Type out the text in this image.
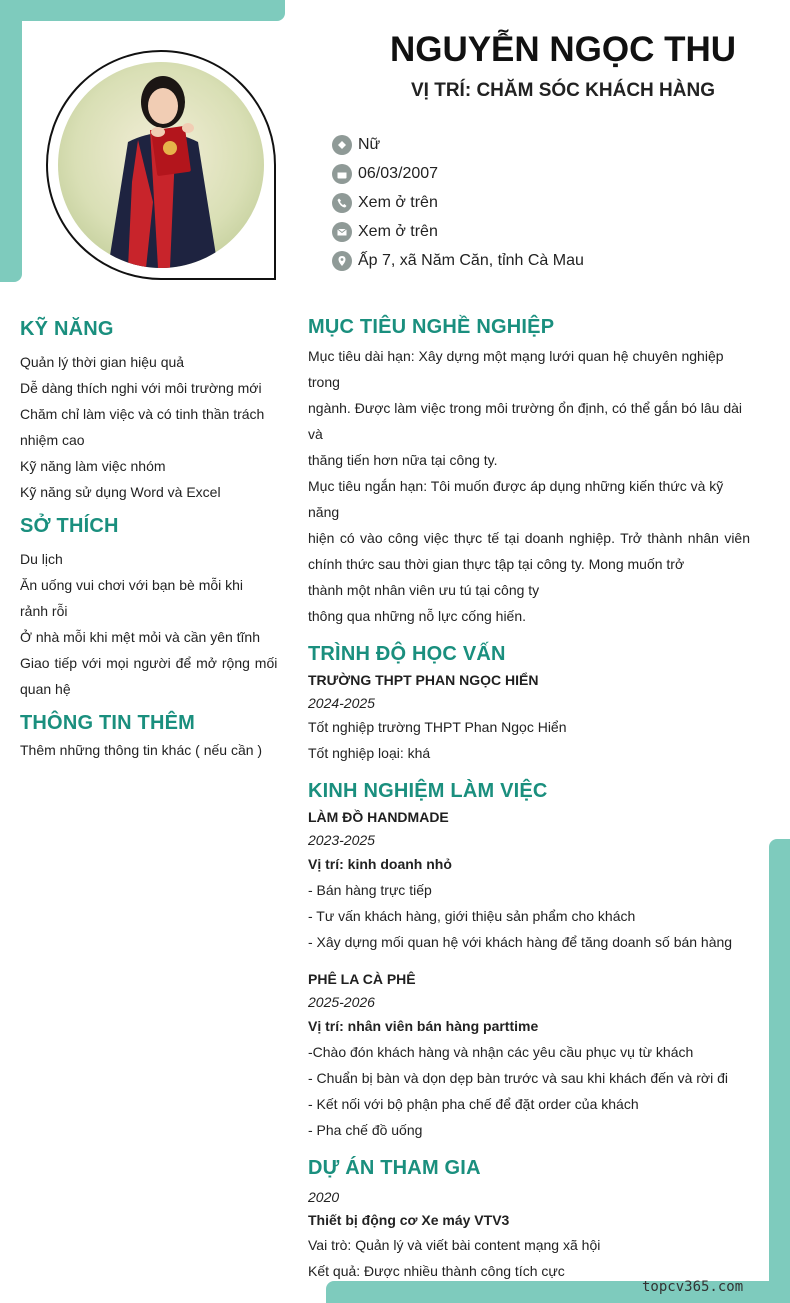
NGUYỄN NGỌC THU
VỊ TRÍ: CHĂM SÓC KHÁCH HÀNG
Nữ
06/03/2007
Xem ở trên
Xem ở trên
Ấp 7, xã Năm Căn, tỉnh Cà Mau
KỸ NĂNG
Quản lý thời gian hiệu quả
Dễ dàng thích nghi với môi trường mới
Chăm chỉ làm việc và có tinh thần trách
nhiệm cao
Kỹ năng làm việc nhóm
Kỹ năng sử dụng Word và Excel
SỞ THÍCH
Du lịch
Ăn uống vui chơi với bạn bè mỗi khi
rảnh rỗi
Ở nhà mỗi khi mệt mỏi và cần yên tĩnh
Giao tiếp với mọi người để mở rộng mối
quan hệ
THÔNG TIN THÊM
Thêm những thông tin khác ( nếu cần )
MỤC TIÊU NGHỀ NGHIỆP
Mục tiêu dài hạn: Xây dựng một mạng lưới quan hệ chuyên nghiệp trong
ngành. Được làm việc trong môi trường ổn định, có thể gắn bó lâu dài và
thăng tiến hơn nữa tại công ty.
Mục tiêu ngắn hạn: Tôi muốn được áp dụng những kiến thức và kỹ năng
hiện có vào công việc thực tế tại doanh nghiệp. Trở thành nhân viên
chính thức sau thời gian thực tập tại công ty. Mong muốn trở
thành một nhân viên ưu tú tại công ty
thông qua những nỗ lực cống hiến.
TRÌNH ĐỘ HỌC VẤN
TRƯỜNG THPT PHAN NGỌC HIỂN
2024-2025
Tốt nghiệp trường THPT Phan Ngọc Hiển
Tốt nghiệp loại: khá
KINH NGHIỆM LÀM VIỆC
LÀM ĐỒ HANDMADE
2023-2025
Vị trí: kinh doanh nhỏ
- Bán hàng trực tiếp
- Tư vấn khách hàng, giới thiệu sản phẩm cho khách
- Xây dựng mối quan hệ với khách hàng để tăng doanh số bán hàng
PHÊ LA CÀ PHÊ
2025-2026
Vị trí: nhân viên bán hàng parttime
-Chào đón khách hàng và nhận các yêu cầu phục vụ từ khách
- Chuẩn bị bàn và dọn dẹp bàn trước và sau khi khách đến và rời đi
- Kết nối với bộ phận pha chế để đặt order của khách
- Pha chế đồ uống
DỰ ÁN THAM GIA
2020
Thiết bị động cơ Xe máy VTV3
Vai trò: Quản lý và viết bài content mạng xã hội
Kết quả: Được nhiều thành công tích cực
topcv365.com
